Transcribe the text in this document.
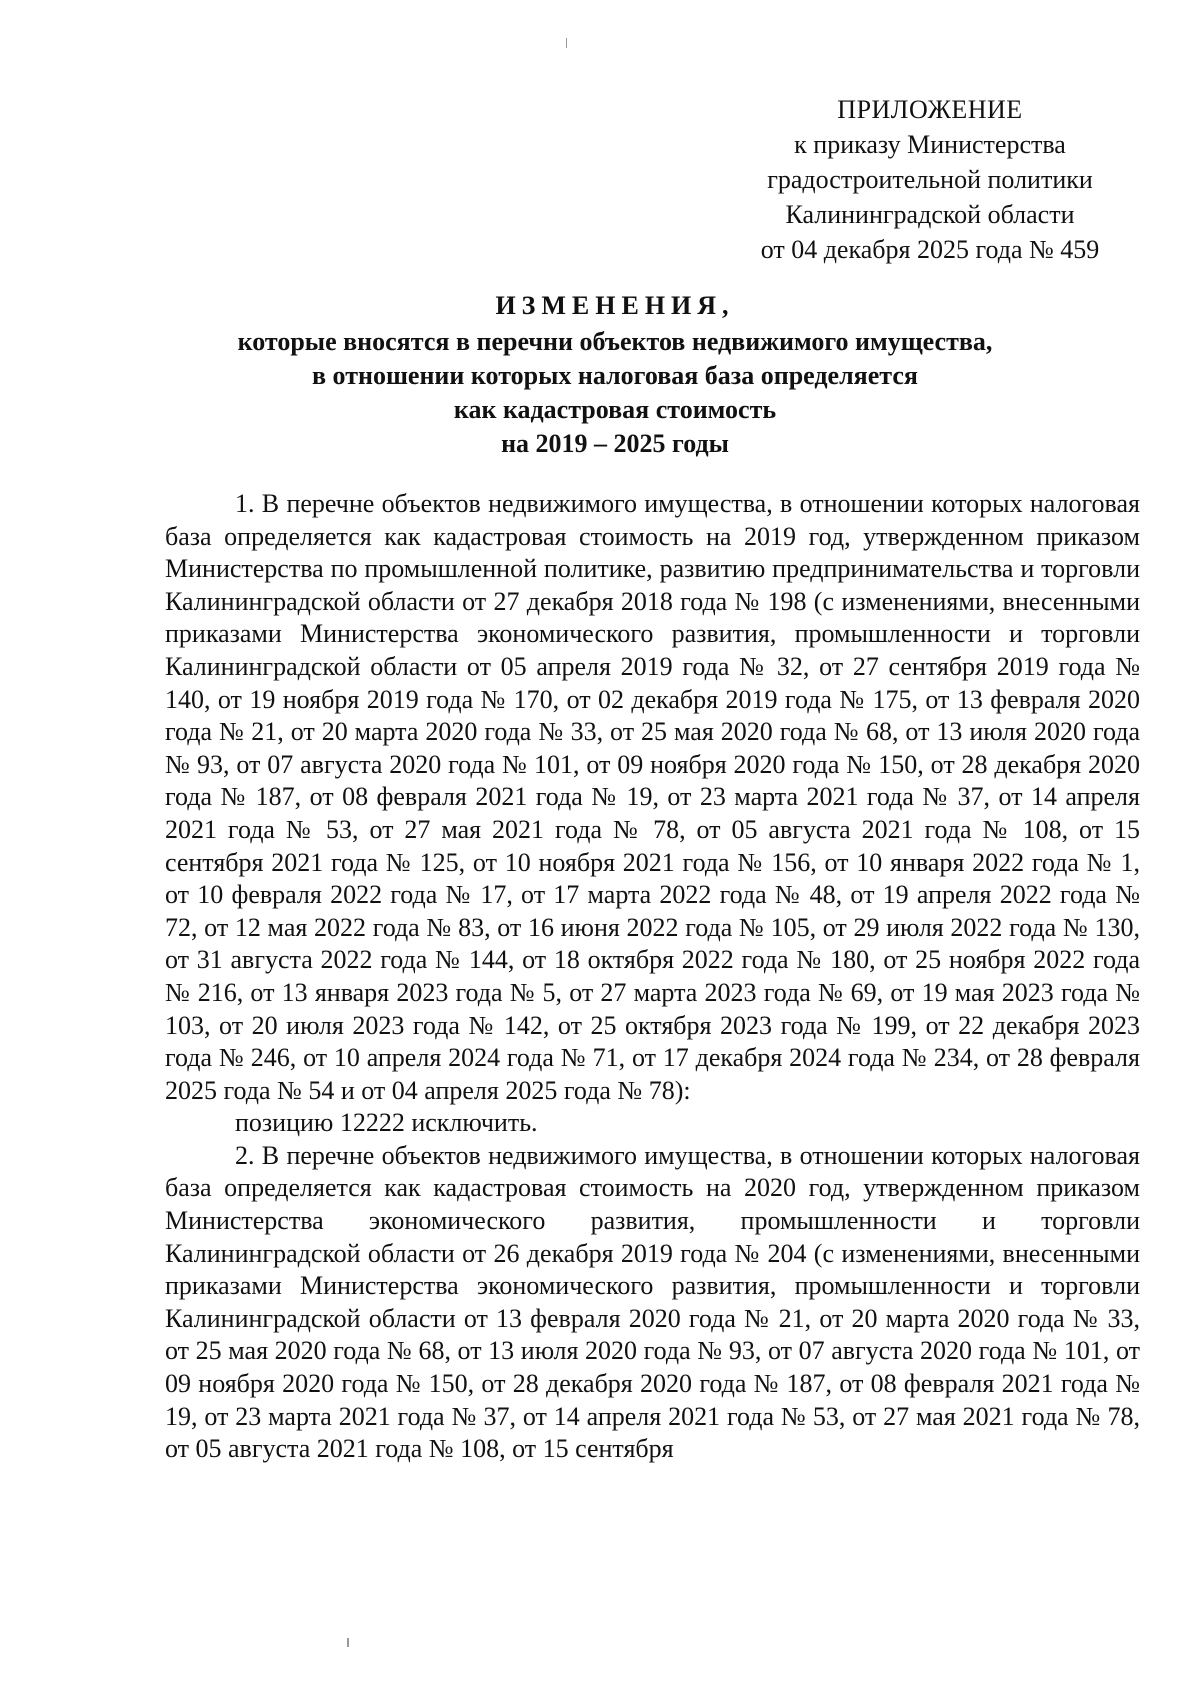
ПРИЛОЖЕНИЕ
к приказу Министерства
градостроительной политики
Калининградской области
от 04 декабря 2025 года № 459
ИЗМЕНЕНИЯ,
которые вносятся в перечни объектов недвижимого имущества,
в отношении которых налоговая база определяется
как кадастровая стоимость
на 2019 – 2025 годы

1. В перечне объектов недвижимого имущества, в отношении которых налоговая база определяется как кадастровая стоимость на 2019 год, утвержденном приказом Министерства по промышленной политике, развитию предпринимательства и торговли Калининградской области от 27 декабря 2018 года № 198 (с изменениями, внесенными приказами Министерства экономического развития, промышленности и торговли Калининградской области от 05 апреля 2019 года № 32, от 27 сентября 2019 года № 140, от 19 ноября 2019 года № 170, от 02 декабря 2019 года № 175, от 13 февраля 2020 года № 21, от 20 марта 2020 года № 33, от 25 мая 2020 года № 68, от 13 июля 2020 года № 93, от 07 августа 2020 года № 101, от 09 ноября 2020 года № 150, от 28 декабря 2020 года № 187, от 08 февраля 2021 года № 19, от 23 марта 2021 года № 37, от 14 апреля 2021 года № 53, от 27 мая 2021 года № 78, от 05 августа 2021 года № 108, от 15 сентября 2021 года № 125, от 10 ноября 2021 года № 156, от 10 января 2022 года № 1, от 10 февраля 2022 года № 17, от 17 марта 2022 года № 48, от 19 апреля 2022 года № 72, от 12 мая 2022 года № 83, от 16 июня 2022 года № 105, от 29 июля 2022 года № 130, от 31 августа 2022 года № 144, от 18 октября 2022 года № 180, от 25 ноября 2022 года № 216, от 13 января 2023 года № 5, от 27 марта 2023 года № 69, от 19 мая 2023 года № 103, от 20 июля 2023 года № 142, от 25 октября 2023 года № 199, от 22 декабря 2023 года № 246, от 10 апреля 2024 года № 71, от 17 декабря 2024 года № 234, от 28 февраля 2025 года № 54 и от 04 апреля 2025 года № 78):

позицию 12222 исключить.

2. В перечне объектов недвижимого имущества, в отношении которых налоговая база определяется как кадастровая стоимость на 2020 год, утвержденном приказом Министерства экономического развития, промышленности и торговли Калининградской области от 26 декабря 2019 года № 204 (с изменениями, внесенными приказами Министерства экономического развития, промышленности и торговли Калининградской области от 13 февраля 2020 года № 21, от 20 марта 2020 года № 33, от 25 мая 2020 года № 68, от 13 июля 2020 года № 93, от 07 августа 2020 года № 101, от 09 ноября 2020 года № 150, от 28 декабря 2020 года № 187, от 08 февраля 2021 года № 19, от 23 марта 2021 года № 37, от 14 апреля 2021 года № 53, от 27 мая 2021 года № 78, от 05 августа 2021 года № 108, от 15 сентября
